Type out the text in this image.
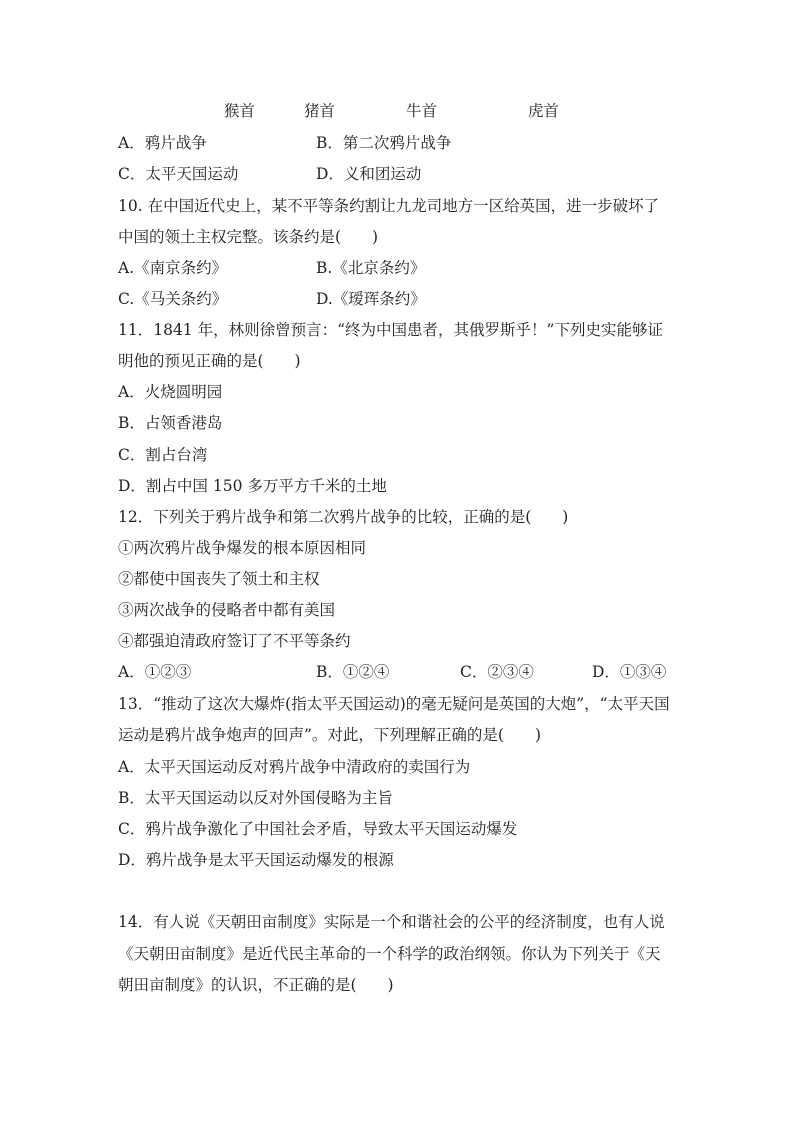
猴首	猪首	牛首	虎首
A．鸦片战争	B．第二次鸦片战争
C．太平天国运动	D．义和团运动
10. 在中国近代史上，某不平等条约割让九龙司地方一区给英国，进一步破坏了
中国的领土主权完整。该条约是(　　)
A.《南京条约》	B.《北京条约》
C.《马关条约》	D.《瑷珲条约》
11．1841 年，林则徐曾预言：“终为中国患者，其俄罗斯乎！”下列史实能够证
明他的预见正确的是(　　)
A．火烧圆明园
B．占领香港岛
C．割占台湾
D．割占中国 150 多万平方千米的土地
12．下列关于鸦片战争和第二次鸦片战争的比较，正确的是(　　)
①两次鸦片战争爆发的根本原因相同
②都使中国丧失了领土和主权
③两次战争的侵略者中都有美国
④都强迫清政府签订了不平等条约
A．①②③	B．①②④	C．②③④	D．①③④
13．“推动了这次大爆炸(指太平天国运动)的毫无疑问是英国的大炮”，“太平天国
运动是鸦片战争炮声的回声”。对此，下列理解正确的是(　　)
A．太平天国运动反对鸦片战争中清政府的卖国行为
B．太平天国运动以反对外国侵略为主旨
C．鸦片战争激化了中国社会矛盾，导致太平天国运动爆发
D．鸦片战争是太平天国运动爆发的根源
14．有人说《天朝田亩制度》实际是一个和谐社会的公平的经济制度，也有人说
《天朝田亩制度》是近代民主革命的一个科学的政治纲领。你认为下列关于《天
朝田亩制度》的认识，不正确的是(　　)
